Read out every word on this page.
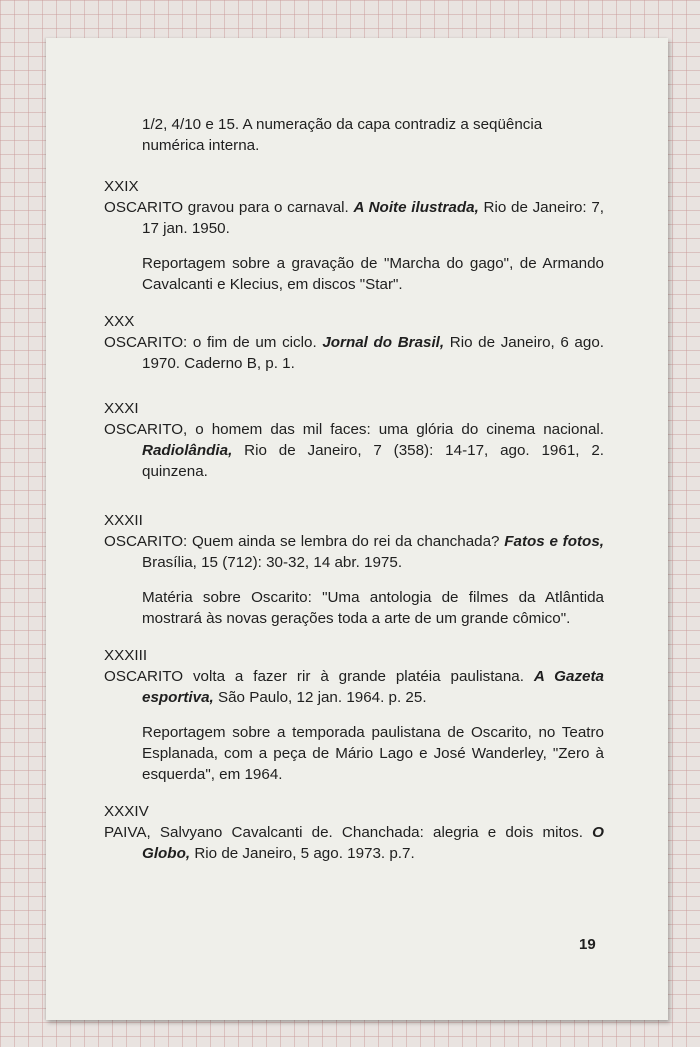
1/2, 4/10 e 15. A numeração da capa contradiz a seqüência numérica interna.
XXIX
OSCARITO gravou para o carnaval. A Noite ilustrada, Rio de Janeiro: 7, 17 jan. 1950.
Reportagem sobre a gravação de "Marcha do gago", de Armando Cavalcanti e Klecius, em discos "Star".
XXX
OSCARITO: o fim de um ciclo. Jornal do Brasil, Rio de Janeiro, 6 ago. 1970. Caderno B, p. 1.
XXXI
OSCARITO, o homem das mil faces: uma glória do cinema nacional. Radiolândia, Rio de Janeiro, 7 (358): 14-17, ago. 1961, 2. quinzena.
XXXII
OSCARITO: Quem ainda se lembra do rei da chanchada? Fatos e fotos, Brasília, 15 (712): 30-32, 14 abr. 1975.
Matéria sobre Oscarito: "Uma antologia de filmes da Atlântida mostrará às novas gerações toda a arte de um grande cômico".
XXXIII
OSCARITO volta a fazer rir à grande platéia paulistana. A Gazeta esportiva, São Paulo, 12 jan. 1964. p. 25.
Reportagem sobre a temporada paulistana de Oscarito, no Teatro Esplanada, com a peça de Mário Lago e José Wanderley, "Zero à esquerda", em 1964.
XXXIV
PAIVA, Salvyano Cavalcanti de. Chanchada: alegria e dois mitos. O Globo, Rio de Janeiro, 5 ago. 1973. p.7.
19
